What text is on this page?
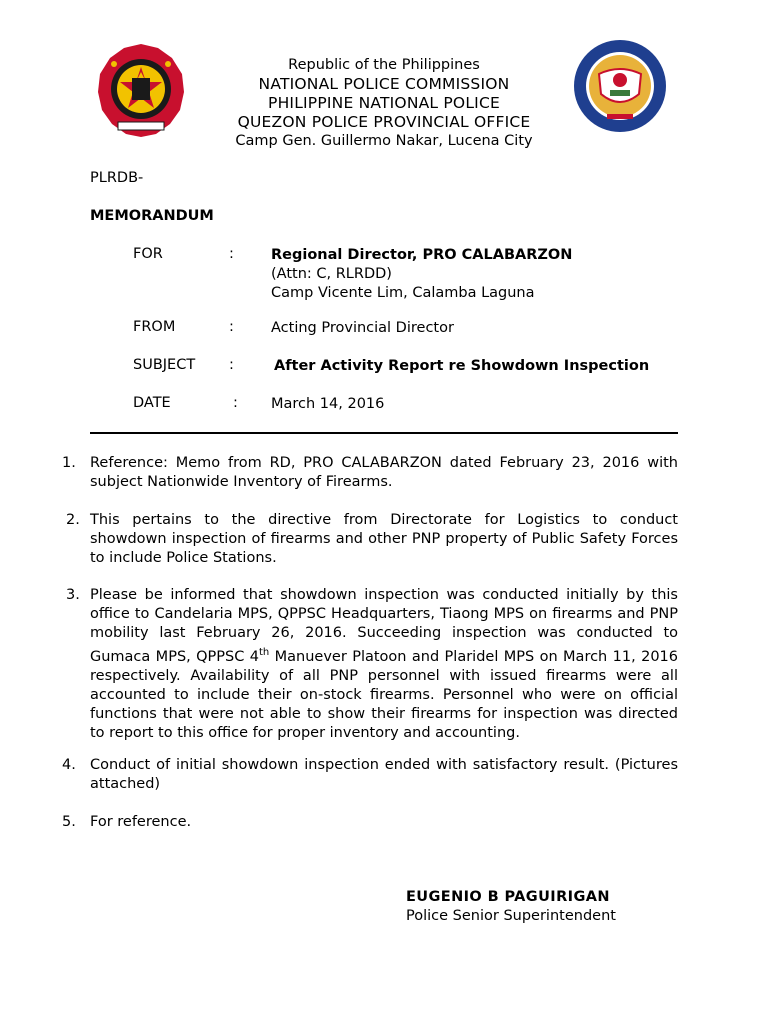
Republic of the Philippines
NATIONAL POLICE COMMISSION
PHILIPPINE NATIONAL POLICE
QUEZON POLICE PROVINCIAL OFFICE
Camp Gen. Guillermo Nakar, Lucena City
PLRDB-
MEMORANDUM
FOR	:	Regional Director, PRO CALABARZON
(Attn: C, RLRDD)
Camp Vicente Lim, Calamba Laguna
FROM	:	Acting Provincial Director
SUBJECT	:	After Activity Report re Showdown Inspection
DATE	: March 14, 2016
1. Reference: Memo from RD, PRO CALABARZON dated February 23, 2016 with subject Nationwide Inventory of Firearms.
2. This pertains to the directive from Directorate for Logistics to conduct showdown inspection of firearms and other PNP property of Public Safety Forces to include Police Stations.
3. Please be informed that showdown inspection was conducted initially by this office to Candelaria MPS, QPPSC Headquarters, Tiaong MPS on firearms and PNP mobility last February 26, 2016. Succeeding inspection was conducted to Gumaca MPS, QPPSC 4th Manuever Platoon and Plaridel MPS on March 11, 2016 respectively. Availability of all PNP personnel with issued firearms were all accounted to include their on-stock firearms. Personnel who were on official functions that were not able to show their firearms for inspection was directed to report to this office for proper inventory and accounting.
4. Conduct of initial showdown inspection ended with satisfactory result. (Pictures attached)
5. For reference.
EUGENIO B PAGUIRIGAN
Police Senior Superintendent
